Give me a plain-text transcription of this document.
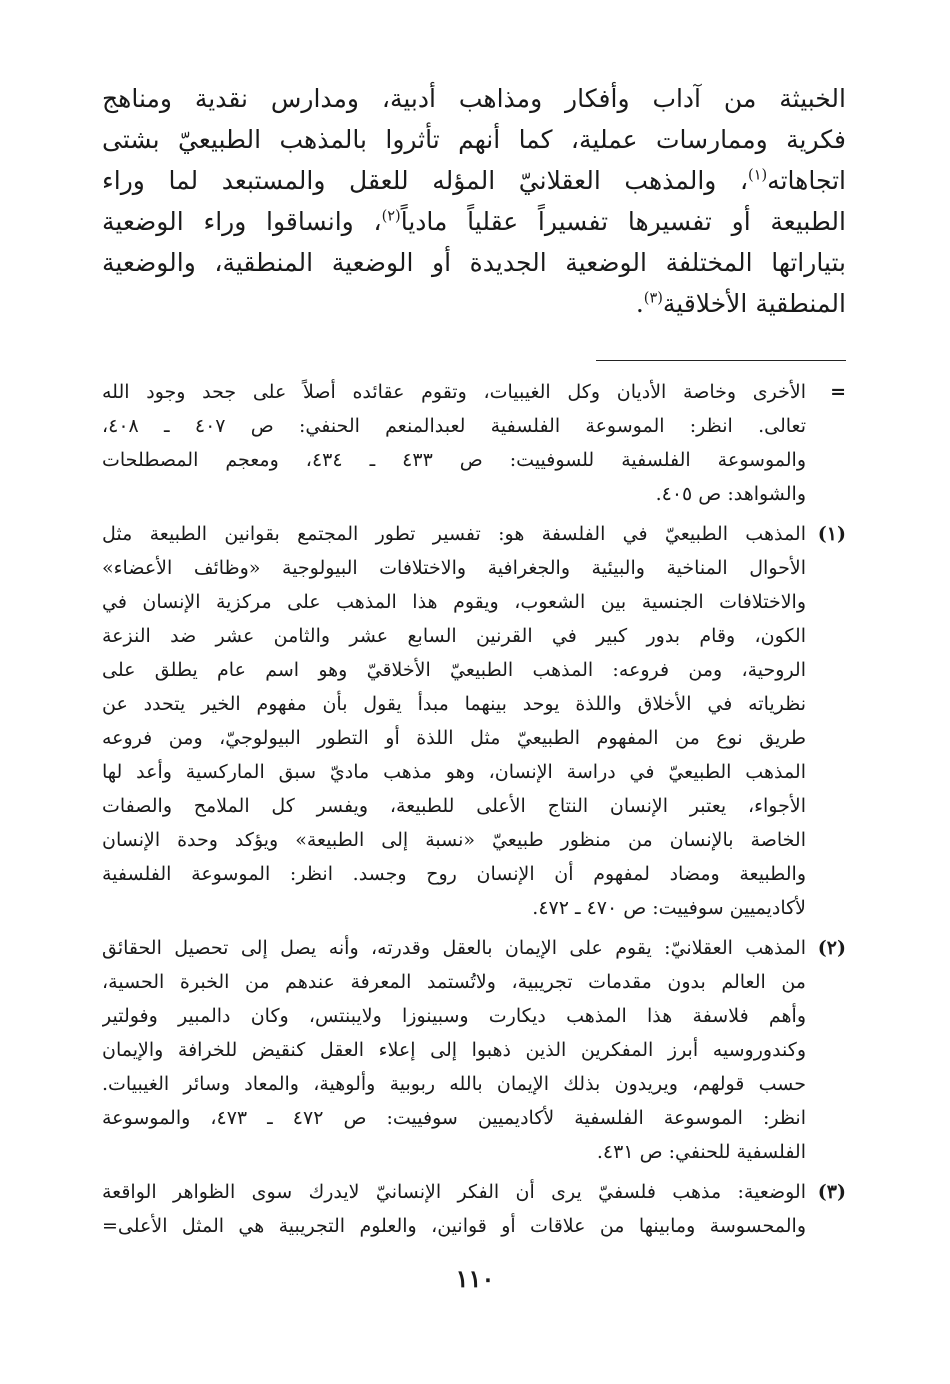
الخبيثة من آداب وأفكار ومذاهب أدبية، ومدارس نقدية ومناهج
فكرية وممارسات عملية، كما أنهم تأثروا بالمذهب الطبيعيّ بشتى
اتجاهاته$^{(١)}$، والمذهب العقلانيّ المؤله للعقل والمستبعد لما وراء
الطبيعة أو تفسيرها تفسيراً عقلياً مادياً$^{(٢)}$، وانساقوا وراء الوضعية
بتياراتها المختلفة الوضعية الجديدة أو الوضعية المنطقية، والوضعية
المنطقية الأخلاقية$^{(٣)}$.
=
الأخرى وخاصة الأديان وكل الغيبيات، وتقوم عقائده أصلاً على جحد وجود الله
تعالى. انظر: الموسوعة الفلسفية لعبدالمنعم الحنفي: ص ٤٠٧ ـ ٤٠٨،
والموسوعة الفلسفية للسوفييت: ص ٤٣٣ ـ ٤٣٤، ومعجم المصطلحات
والشواهد: ص ٤٠٥.
(١)
المذهب الطبيعيّ في الفلسفة هو: تفسير تطور المجتمع بقوانين الطبيعة مثل
الأحوال المناخية والبيئية والجغرافية والاختلافات البيولوجية «وظائف الأعضاء»
والاختلافات الجنسية بين الشعوب، ويقوم هذا المذهب على مركزية الإنسان في
الكون، وقام بدور كبير في القرنين السابع عشر والثامن عشر ضد النزعة
الروحية، ومن فروعه: المذهب الطبيعيّ الأخلاقيّ وهو اسم عام يطلق على
نظرياته في الأخلاق واللذة يوحد بينهما مبدأ يقول بأن مفهوم الخير يتحدد عن
طريق نوع من المفهوم الطبيعيّ مثل اللذة أو التطور البيولوجيّ، ومن فروعه
المذهب الطبيعيّ في دراسة الإنسان، وهو مذهب ماديّ سبق الماركسية وأعد لها
الأجواء، يعتبر الإنسان النتاج الأعلى للطبيعة، ويفسر كل الملامح والصفات
الخاصة بالإنسان من منظور طبيعيّ «نسبة إلى الطبيعة» ويؤكد وحدة الإنسان
والطبيعة ومضاد لمفهوم أن الإنسان روح وجسد. انظر: الموسوعة الفلسفية
لأكاديميين سوفييت: ص ٤٧٠ ـ ٤٧٢.
(٢)
المذهب العقلانيّ: يقوم على الإيمان بالعقل وقدرته، وأنه يصل إلى تحصيل الحقائق
من العالم بدون مقدمات تجريبية، ولاتُستمد المعرفة عندهم من الخبرة الحسية،
وأهم فلاسفة هذا المذهب ديكارت وسبينوزا ولايبنتس، وكان دالمبير وفولتير
وكندوروسيه أبرز المفكرين الذين ذهبوا إلى إعلاء العقل كنقيض للخرافة والإيمان
حسب قولهم، ويريدون بذلك الإيمان بالله ربوبية وألوهية، والمعاد وسائر الغيبيات.
انظر: الموسوعة الفلسفية لأكاديميين سوفييت: ص ٤٧٢ ـ ٤٧٣، والموسوعة
الفلسفية للحنفي: ص ٤٣١.
(٣)
الوضعية: مذهب فلسفيّ يرى أن الفكر الإنسانيّ لايدرك سوى الظواهر الواقعة
والمحسوسة ومابينها من علاقات أو قوانين، والعلوم التجريبية هي المثل الأعلى=
١١٠
